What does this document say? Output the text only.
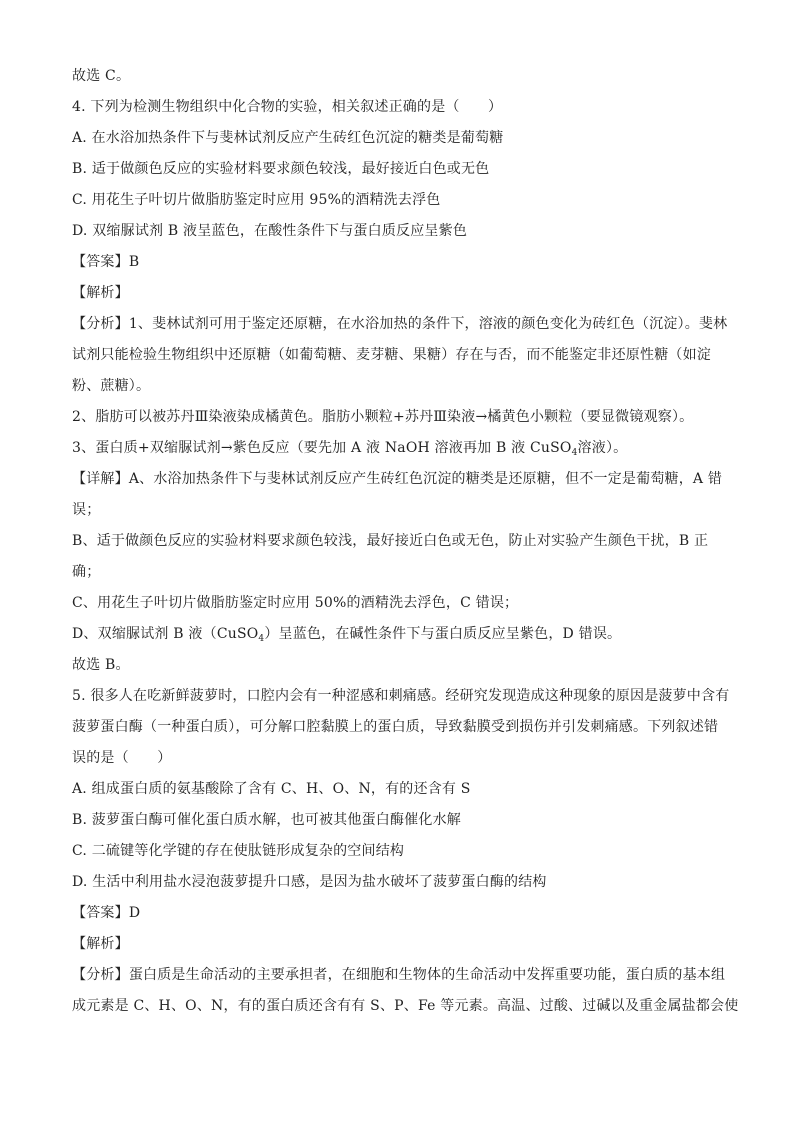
故选 C。
4. 下列为检测生物组织中化合物的实验，相关叙述正确的是（　　）
A. 在水浴加热条件下与斐林试剂反应产生砖红色沉淀的糖类是葡萄糖
B. 适于做颜色反应的实验材料要求颜色较浅，最好接近白色或无色
C. 用花生子叶切片做脂肪鉴定时应用 95%的酒精洗去浮色
D. 双缩脲试剂 B 液呈蓝色，在酸性条件下与蛋白质反应呈紫色
【答案】B
【解析】
【分析】1、斐林试剂可用于鉴定还原糖，在水浴加热的条件下，溶液的颜色变化为砖红色（沉淀）。斐林
试剂只能检验生物组织中还原糖（如葡萄糖、麦芽糖、果糖）存在与否，而不能鉴定非还原性糖（如淀
粉、蔗糖）。
2、脂肪可以被苏丹Ⅲ染液染成橘黄色。脂肪小颗粒+苏丹Ⅲ染液→橘黄色小颗粒（要显微镜观察）。
3、蛋白质+双缩脲试剂→紫色反应（要先加 A 液 NaOH 溶液再加 B 液 CuSO$_4$溶液）。
【详解】A、水浴加热条件下与斐林试剂反应产生砖红色沉淀的糖类是还原糖，但不一定是葡萄糖，A 错
误；
B、适于做颜色反应的实验材料要求颜色较浅，最好接近白色或无色，防止对实验产生颜色干扰，B 正
确；
C、用花生子叶切片做脂肪鉴定时应用 50%的酒精洗去浮色，C 错误；
D、双缩脲试剂 B 液（CuSO$_4$）呈蓝色，在碱性条件下与蛋白质反应呈紫色，D 错误。
故选 B。
5. 很多人在吃新鲜菠萝时，口腔内会有一种涩感和刺痛感。经研究发现造成这种现象的原因是菠萝中含有
菠萝蛋白酶（一种蛋白质），可分解口腔黏膜上的蛋白质，导致黏膜受到损伤并引发刺痛感。下列叙述错
误的是（　　）
A. 组成蛋白质的氨基酸除了含有 C、H、O、N，有的还含有 S
B. 菠萝蛋白酶可催化蛋白质水解，也可被其他蛋白酶催化水解
C. 二硫键等化学键的存在使肽链形成复杂的空间结构
D. 生活中利用盐水浸泡菠萝提升口感，是因为盐水破坏了菠萝蛋白酶的结构
【答案】D
【解析】
【分析】蛋白质是生命活动的主要承担者，在细胞和生物体的生命活动中发挥重要功能，蛋白质的基本组
成元素是 C、H、O、N，有的蛋白质还含有有 S、P、Fe 等元素。高温、过酸、过碱以及重金属盐都会使
